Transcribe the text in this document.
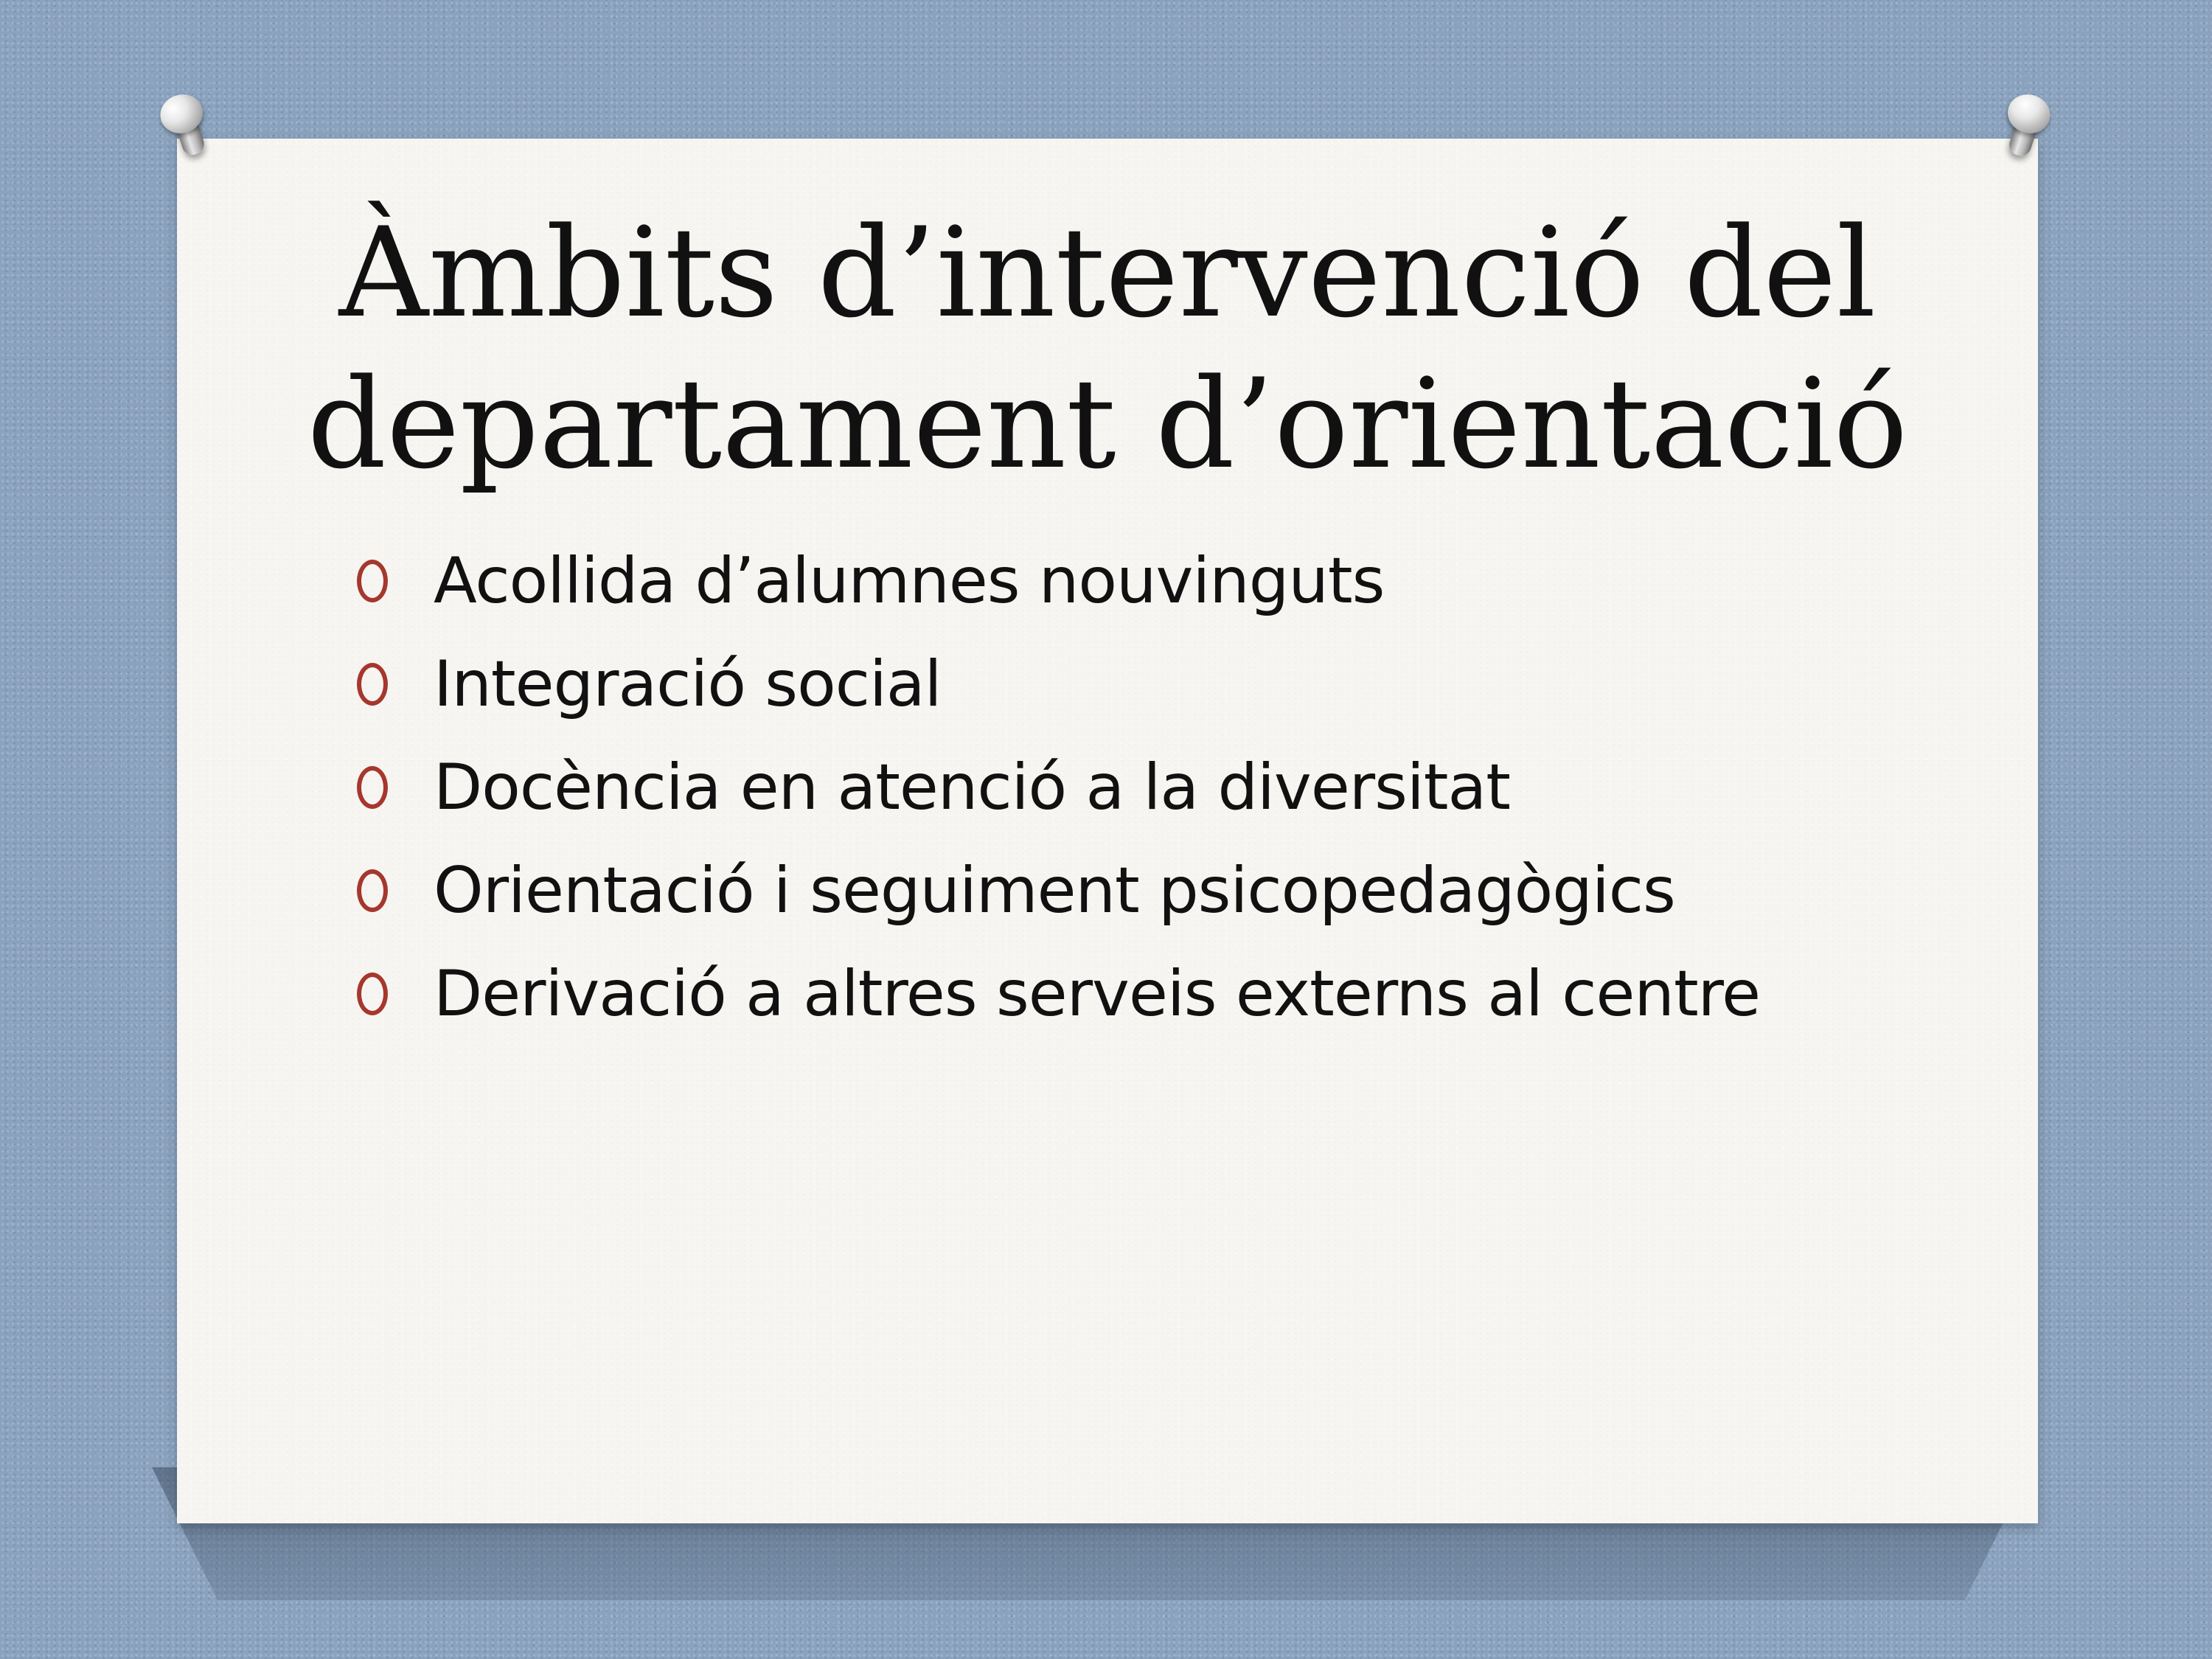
Àmbits d’intervenció del
departament d’orientació
Acollida d’alumnes nouvinguts
Integració social
Docència en atenció a la diversitat
Orientació i seguiment psicopedagògics
Derivació a altres serveis externs al centre
